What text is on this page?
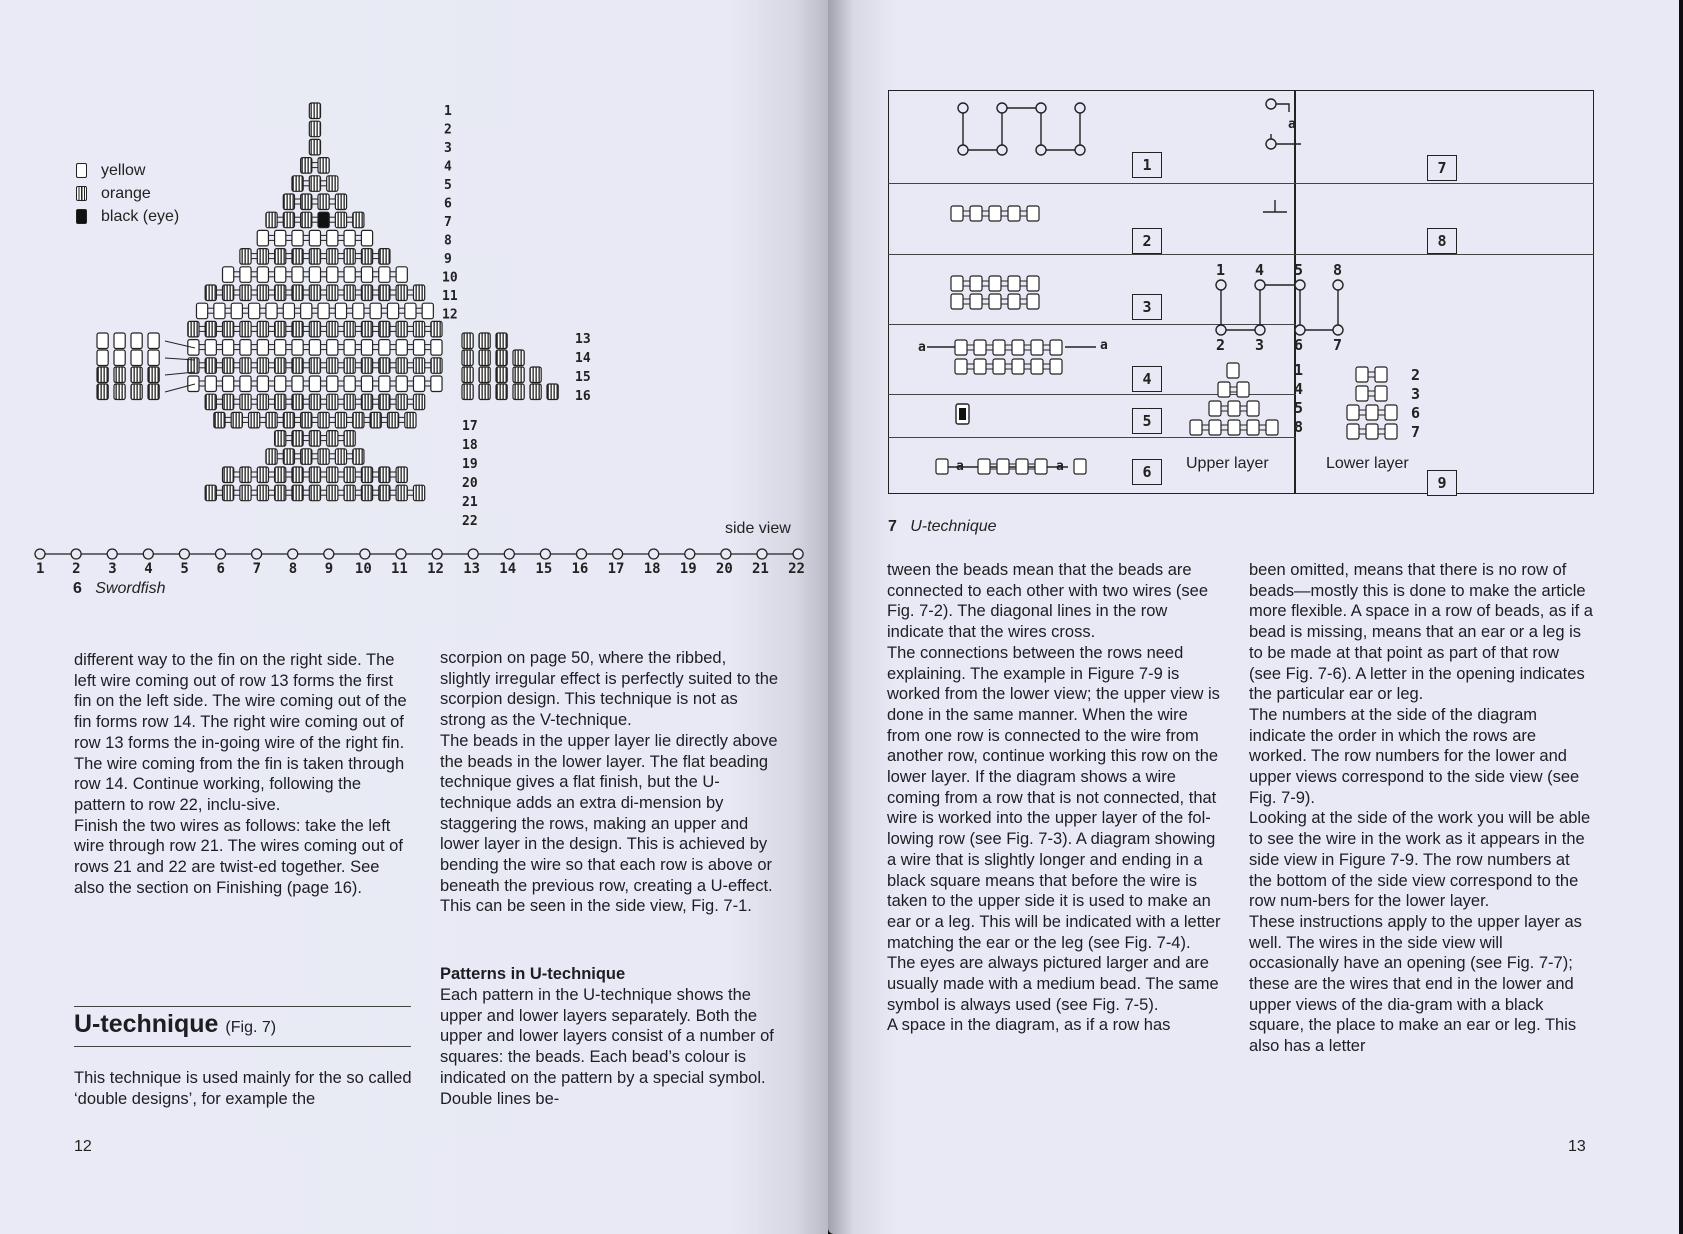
yellow
orange
black (eye)
1
2
3
4
5
6
7
8
9
10
11
12
13
14
15
16
17
18
19
20
21
22	side view
1 2 3 4 5 6 7 8 9 10 11 12 13 14 15 16 17 18 19 20 21 22
6 Swordfish

different way to the fin on the right side. The left wire coming out of row 13 forms the first fin on the left side. The wire coming out of the fin forms row 14. The right wire coming out of row 13 forms the in-going wire of the right fin. The wire coming from the fin is taken through row 14. Continue working, following the pattern to row 22, inclu-sive.

Finish the two wires as follows: take the left wire through row 21. The wires coming out of rows 21 and 22 are twist-ed together. See also the section on Finishing (page 16).

U-technique (Fig. 7)
This technique is used mainly for the so called ‘double designs’, for example the

scorpion on page 50, where the ribbed, slightly irregular effect is perfectly suited to the scorpion design. This technique is not as strong as the V-technique.

The beads in the upper layer lie directly above the beads in the lower layer. The flat beading technique gives a flat finish, but the U-technique adds an extra di-mension by staggering the rows, making an upper and lower layer in the design. This is achieved by bending the wire so that each row is above or beneath the previous row, creating a U-effect. This can be seen in the side view, Fig. 7-1.

Patterns in U-technique
Each pattern in the U-technique shows the upper and lower layers separately. Both the upper and lower layers consist of a number of squares: the beads. Each bead’s colour is indicated on the pattern by a special symbol. Double lines be-
12
1
2
3
4
5
6
7
8
9
a
a	a
a	a
1 4 5 8
2 3 6 7
1
4
5
8
2
3
6
7
Upper layer	Lower layer
7 U-technique

tween the beads mean that the beads are connected to each other with two wires (see Fig. 7-2). The diagonal lines in the row indicate that the wires cross.

The connections between the rows need explaining. The example in Figure 7-9 is worked from the lower view; the upper view is done in the same manner. When the wire from one row is connected to the wire from another row, continue working this row on the lower layer. If the diagram shows a wire coming from a row that is not connected, that wire is worked into the upper layer of the fol-lowing row (see Fig. 7-3). A diagram showing a wire that is slightly longer and ending in a black square means that before the wire is taken to the upper side it is used to make an ear or a leg. This will be indicated with a letter matching the ear or the leg (see Fig. 7-4).

The eyes are always pictured larger and are usually made with a medium bead. The same symbol is always used (see Fig. 7-5).

A space in the diagram, as if a row has

been omitted, means that there is no row of beads—mostly this is done to make the article more flexible. A space in a row of beads, as if a bead is missing, means that an ear or a leg is to be made at that point as part of that row (see Fig. 7-6). A letter in the opening indicates the particular ear or leg.

The numbers at the side of the diagram indicate the order in which the rows are worked. The row numbers for the lower and upper views correspond to the side view (see Fig. 7-9).

Looking at the side of the work you will be able to see the wire in the work as it appears in the side view in Figure 7-9. The row numbers at the bottom of the side view correspond to the row num-bers for the lower layer.

These instructions apply to the upper layer as well. The wires in the side view will occasionally have an opening (see Fig. 7-7); these are the wires that end in the lower and upper views of the dia-gram with a black square, the place to make an ear or leg. This also has a letter

13
